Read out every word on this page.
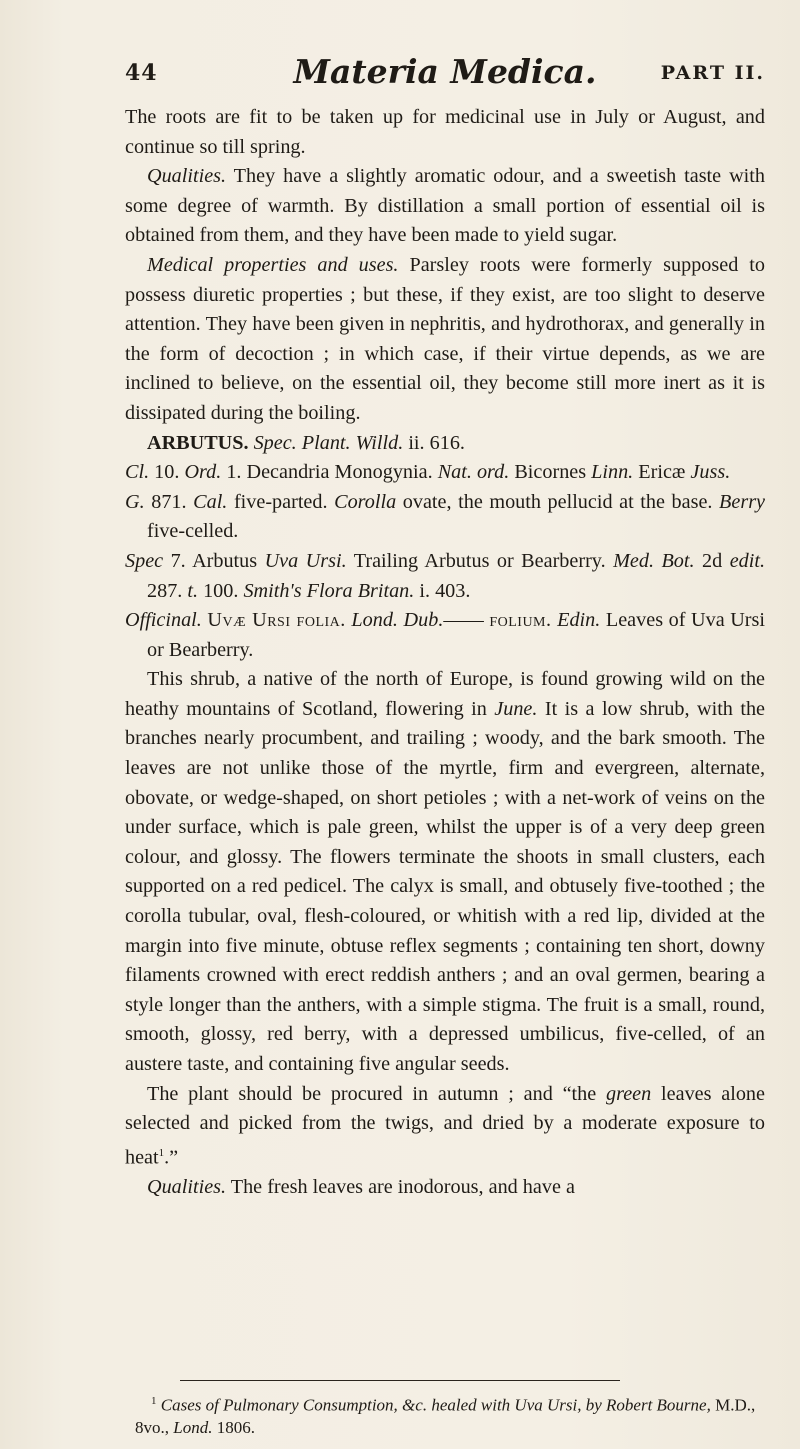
44	Materia Medica.	PART II.

The roots are fit to be taken up for medicinal use in July or August, and continue so till spring.

Qualities. They have a slightly aromatic odour, and a sweetish taste with some degree of warmth. By distillation a small portion of essential oil is obtained from them, and they have been made to yield sugar.

Medical properties and uses. Parsley roots were formerly supposed to possess diuretic properties ; but these, if they exist, are too slight to deserve attention. They have been given in nephritis, and hydrothorax, and generally in the form of decoction ; in which case, if their virtue depends, as we are inclined to believe, on the essential oil, they become still more inert as it is dissipated during the boiling.

ARBUTUS. Spec. Plant. Willd. ii. 616.

Cl. 10. Ord. 1. Decandria Monogynia. Nat. ord. Bicornes Linn. Ericæ Juss.

G. 871. Cal. five-parted. Corolla ovate, the mouth pellucid at the base. Berry five-celled.

Spec 7. Arbutus Uva Ursi. Trailing Arbutus or Bearberry. Med. Bot. 2d edit. 287. t. 100. Smith's Flora Britan. i. 403.

Officinal. Uvæ Ursi folia. Lond. Dub.—— folium. Edin. Leaves of Uva Ursi or Bearberry.

This shrub, a native of the north of Europe, is found growing wild on the heathy mountains of Scotland, flowering in June. It is a low shrub, with the branches nearly procumbent, and trailing ; woody, and the bark smooth. The leaves are not unlike those of the myrtle, firm and evergreen, alternate, obovate, or wedge-shaped, on short petioles ; with a net-work of veins on the under surface, which is pale green, whilst the upper is of a very deep green colour, and glossy. The flowers terminate the shoots in small clusters, each supported on a red pedicel. The calyx is small, and obtusely five-toothed ; the corolla tubular, oval, flesh-coloured, or whitish with a red lip, divided at the margin into five minute, obtuse reflex segments ; containing ten short, downy filaments crowned with erect reddish anthers ; and an oval germen, bearing a style longer than the anthers, with a simple stigma. The fruit is a small, round, smooth, glossy, red berry, with a depressed umbilicus, five-celled, of an austere taste, and containing five angular seeds.

The plant should be procured in autumn ; and “the green leaves alone selected and picked from the twigs, and dried by a moderate exposure to heat$^1$.”

Qualities. The fresh leaves are inodorous, and have a

$^1$ Cases of Pulmonary Consumption, &c. healed with Uva Ursi, by Robert Bourne, M.D., 8vo., Lond. 1806.
